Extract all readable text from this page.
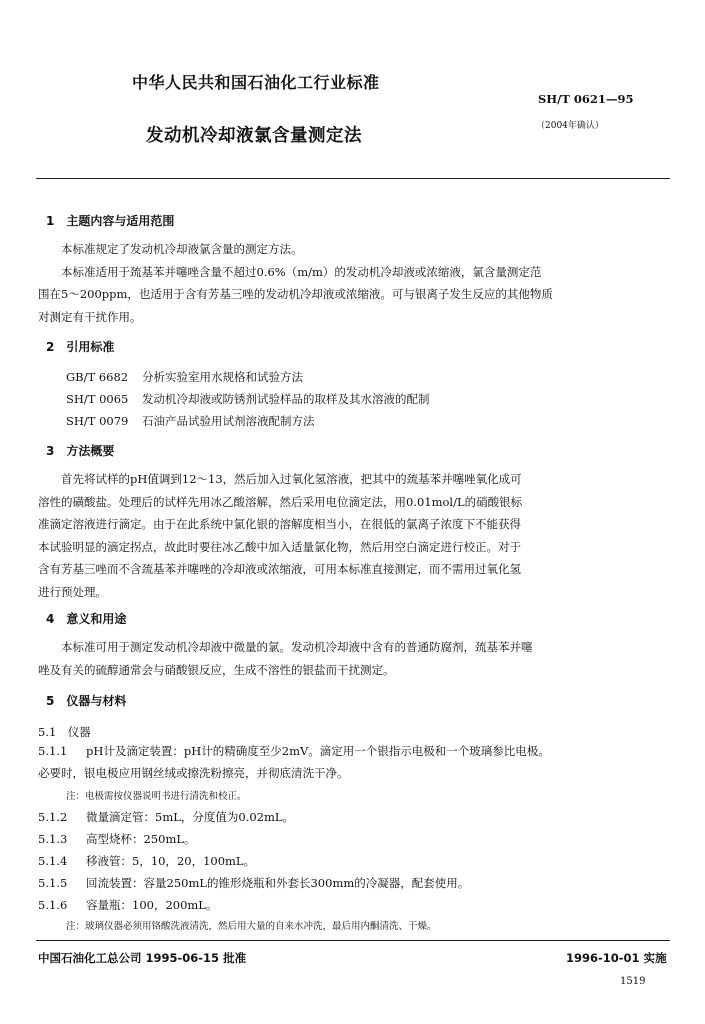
中华人民共和国石油化工行业标准
SH/T 0621—95
（2004年确认）
发动机冷却液氯含量测定法
1　主题内容与适用范围
本标准规定了发动机冷却液氯含量的测定方法。
本标准适用于巯基苯并噻唑含量不超过0.6%（m/m）的发动机冷却液或浓缩液，氯含量测定范
围在5～200ppm，也适用于含有芳基三唑的发动机冷却液或浓缩液。可与银离子发生反应的其他物质
对测定有干扰作用。
2　引用标准
GB/T 6682 分析实验室用水规格和试验方法
SH/T 0065 发动机冷却液或防锈剂试验样品的取样及其水溶液的配制
SH/T 0079 石油产品试验用试剂溶液配制方法
3　方法概要
首先将试样的pH值调到12～13，然后加入过氧化氢溶液，把其中的巯基苯并噻唑氧化成可
溶性的磺酸盐。处理后的试样先用冰乙酸溶解，然后采用电位滴定法，用0.01mol/L的硝酸银标
准滴定溶液进行滴定。由于在此系统中氯化银的溶解度相当小，在很低的氯离子浓度下不能获得
本试验明显的滴定拐点，故此时要往冰乙酸中加入适量氯化物，然后用空白滴定进行校正。对于
含有芳基三唑而不含巯基苯并噻唑的冷却液或浓缩液，可用本标准直接测定，而不需用过氧化氢
进行预处理。
4　意义和用途
本标准可用于测定发动机冷却液中微量的氯。发动机冷却液中含有的普通防腐剂，巯基苯并噻
唑及有关的硫醇通常会与硝酸银反应，生成不溶性的银盐而干扰测定。
5　仪器与材料
5.1　仪器
5.1.1 pH计及滴定装置：pH计的精确度至少2mV。滴定用一个银指示电极和一个玻璃参比电极。
必要时，银电极应用钢丝绒或擦洗粉擦亮，并彻底清洗干净。
注：电极需按仪器说明书进行清洗和校正。
5.1.2 微量滴定管：5mL，分度值为0.02mL。
5.1.3 高型烧杯：250mL。
5.1.4 移液管：5，10，20，100mL。
5.1.5 回流装置：容量250mL的锥形烧瓶和外套长300mm的冷凝器，配套使用。
5.1.6 容量瓶：100，200mL。
注：玻璃仪器必须用铬酸洗液清洗，然后用大量的自来水冲洗，最后用内酮清洗、干燥。
中国石油化工总公司 1995-06-15 批准	1996-10-01 实施
1519
